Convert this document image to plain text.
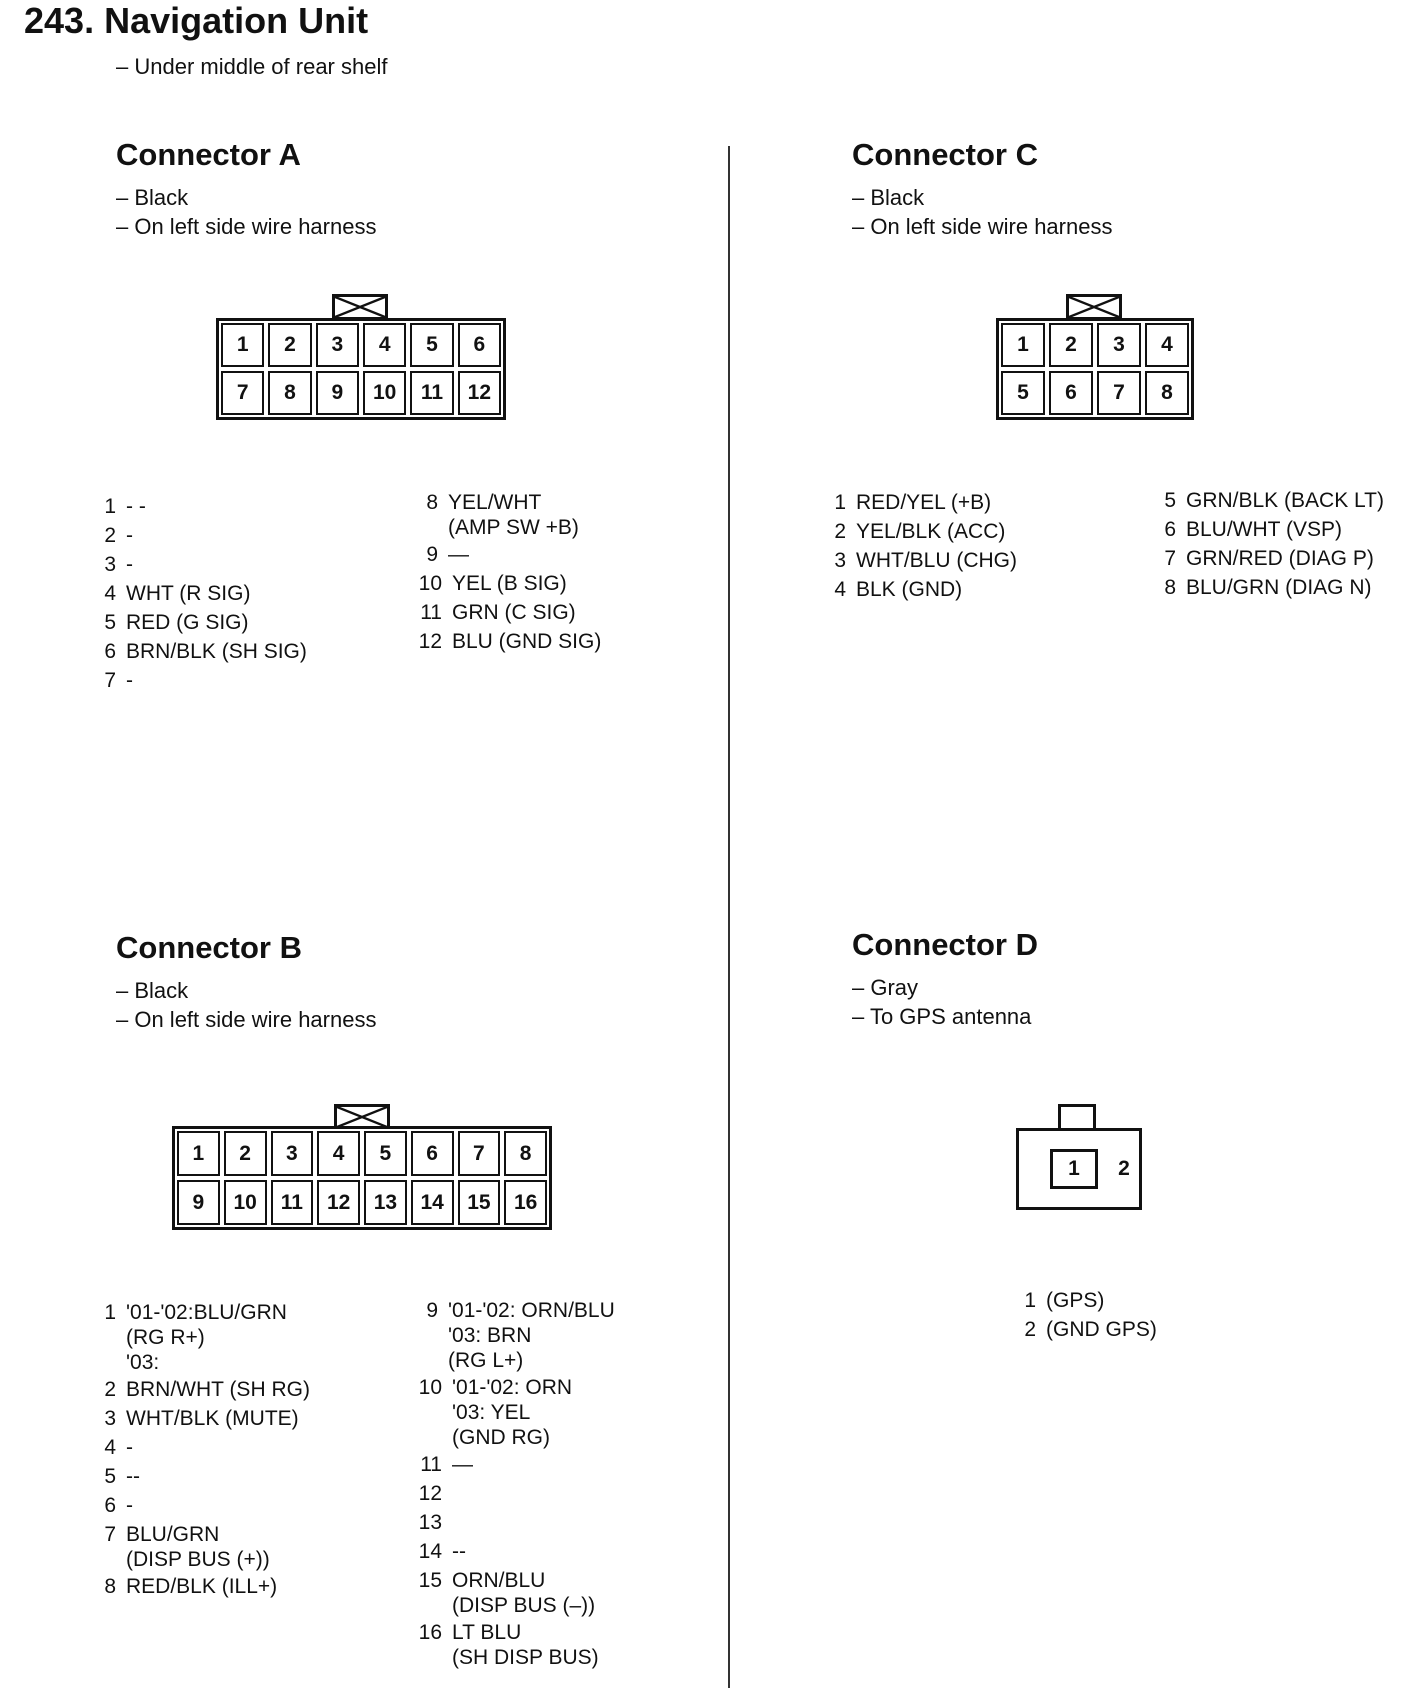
243. Navigation Unit
– Under middle of rear shelf
Connector A
– Black
– On left side wire harness
1	2	3	4	5	6
7	8	9	10	11	12
1 - -
2 -
3 -
4 WHT (R SIG)
5 RED (G SIG)
6 BRN/BLK (SH SIG)
7 -
8 YEL/WHT
(AMP SW +B)
9 —
10 YEL (B SIG)
11 GRN (C SIG)
12 BLU (GND SIG)
Connector C
– Black
– On left side wire harness
1	2	3	4
5	6	7	8
1 RED/YEL (+B)
2 YEL/BLK (ACC)
3 WHT/BLU (CHG)
4 BLK (GND)
5 GRN/BLK (BACK LT)
6 BLU/WHT (VSP)
7 GRN/RED (DIAG P)
8 BLU/GRN (DIAG N)
Connector B
– Black
– On left side wire harness
1	2	3	4	5	6	7	8
9	10	11	12	13	14	15	16
1 '01-'02:BLU/GRN
(RG R+)
'03:
2 BRN/WHT (SH RG)
3 WHT/BLK (MUTE)
4 -
5 --
6 -
7 BLU/GRN
(DISP BUS (+))
8 RED/BLK (ILL+)
9 '01-'02: ORN/BLU
'03: BRN
(RG L+)
10 '01-'02: ORN
'03: YEL
(GND RG)
11 —
12
13
14 --
15 ORN/BLU
(DISP BUS (–))
16 LT BLU
(SH DISP BUS)
Connector D
– Gray
– To GPS antenna
1	2
1 (GPS)
2 (GND GPS)
